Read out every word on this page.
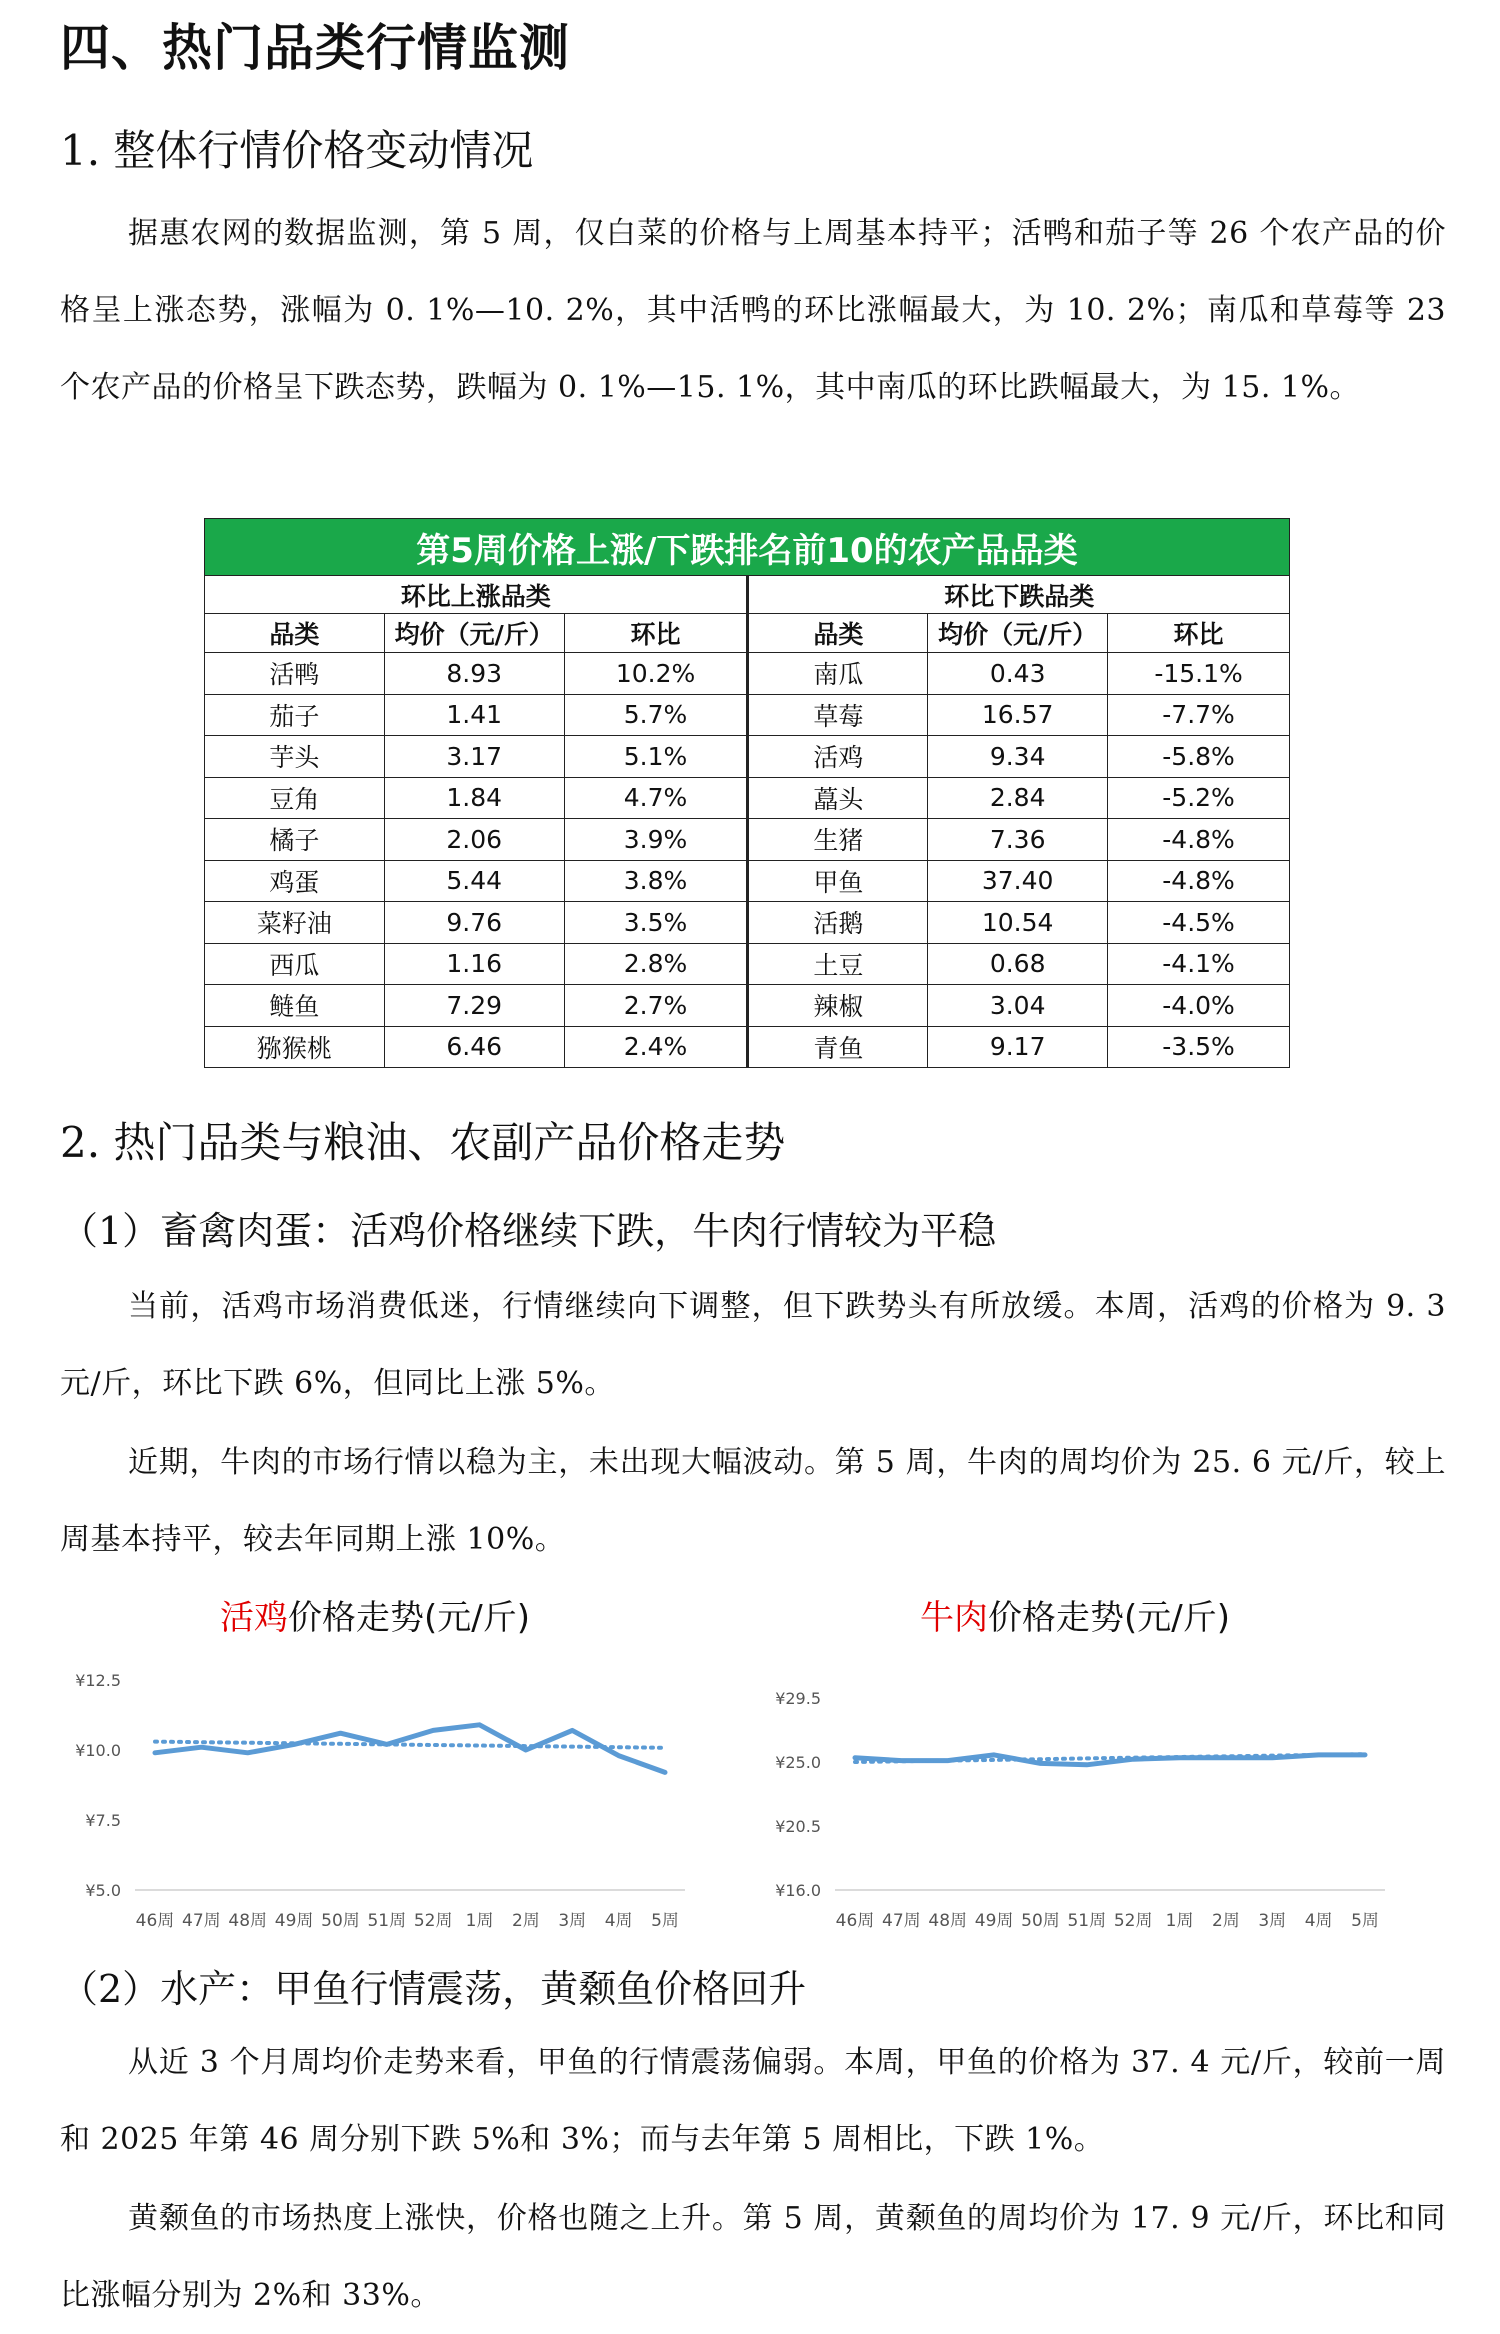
四、热门品类行情监测
1. 整体行情价格变动情况
据惠农网的数据监测，第 5 周，仅白菜的价格与上周基本持平；活鸭和茄子等 26 个农产品的价格呈上涨态势，涨幅为 0. 1%—10. 2%，其中活鸭的环比涨幅最大，为 10. 2%；南瓜和草莓等 23 个农产品的价格呈下跌态势，跌幅为 0. 1%—15. 1%，其中南瓜的环比跌幅最大，为 15. 1%。
第5周价格上涨/下跌排名前10的农产品品类					
环比上涨品类			环比下跌品类		
品类	均价（元/斤）	环比	品类	均价（元/斤）	环比
活鸭	8.93	10.2%	南瓜	0.43	-15.1%
茄子	1.41	5.7%	草莓	16.57	-7.7%
芋头	3.17	5.1%	活鸡	9.34	-5.8%
豆角	1.84	4.7%	藠头	2.84	-5.2%
橘子	2.06	3.9%	生猪	7.36	-4.8%
鸡蛋	5.44	3.8%	甲鱼	37.40	-4.8%
菜籽油	9.76	3.5%	活鹅	10.54	-4.5%
西瓜	1.16	2.8%	土豆	0.68	-4.1%
鲢鱼	7.29	2.7%	辣椒	3.04	-4.0%
猕猴桃	6.46	2.4%	青鱼	9.17	-3.5%
2. 热门品类与粮油、农副产品价格走势
（1）畜禽肉蛋：活鸡价格继续下跌，牛肉行情较为平稳
当前，活鸡市场消费低迷，行情继续向下调整，但下跌势头有所放缓。本周，活鸡的价格为 9. 3 元/斤，环比下跌 6%，但同比上涨 5%。
近期，牛肉的市场行情以稳为主，未出现大幅波动。第 5 周，牛肉的周均价为 25. 6 元/斤，较上周基本持平，较去年同期上涨 10%。
活鸡价格走势(元/斤)
¥12.5
¥10.0
¥7.5
¥5.0
46周 47周 48周 49周 50周 51周 52周 1周 2周 3周 4周 5周
牛肉价格走势(元/斤)
¥29.5
¥25.0
¥20.5
¥16.0
46周 47周 48周 49周 50周 51周 52周 1周 2周 3周 4周 5周
（2）水产：甲鱼行情震荡，黄颡鱼价格回升
从近 3 个月周均价走势来看，甲鱼的行情震荡偏弱。本周，甲鱼的价格为 37. 4 元/斤，较前一周和 2025 年第 46 周分别下跌 5%和 3%；而与去年第 5 周相比，下跌 1%。
黄颡鱼的市场热度上涨快，价格也随之上升。第 5 周，黄颡鱼的周均价为 17. 9 元/斤，环比和同比涨幅分别为 2%和 33%。
